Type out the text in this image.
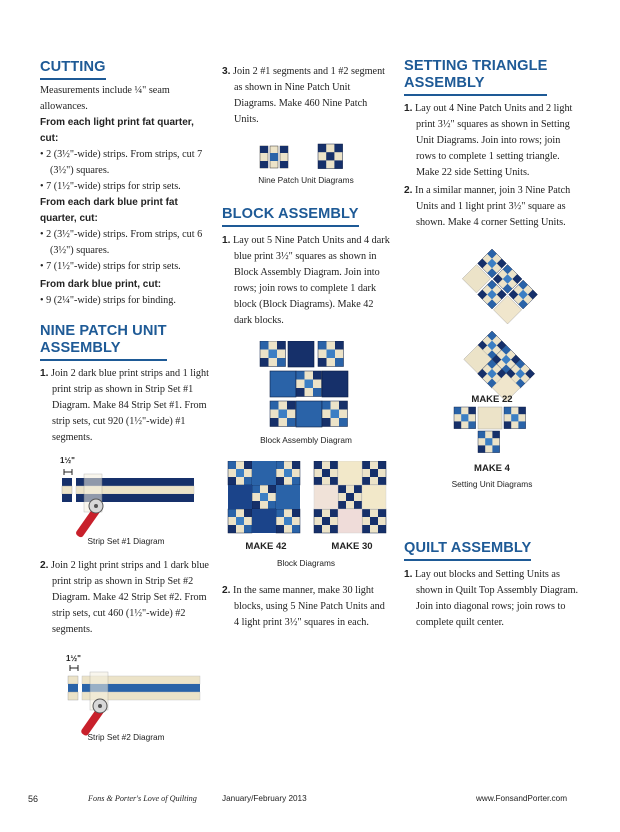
CUTTING

Measurements include ¼" seam allowances.

From each light print fat quarter, cut:

• 2 (3½"-wide) strips. From strips, cut 7 (3½") squares.

• 7 (1½"-wide) strips for strip sets.

From each dark blue print fat quarter, cut:

• 2 (3½"-wide) strips. From strips, cut 6 (3½") squares.

• 7 (1½"-wide) strips for strip sets.

From dark blue print, cut:

• 9 (2¼"-wide) strips for binding.

NINE PATCH UNIT
ASSEMBLY

1. Join 2 dark blue print strips and 1 light print strip as shown in Strip Set #1 Diagram. Make 84 Strip Set #1. From strip sets, cut 920 (1½"-wide) #1 segments.

1½"
Strip Set #1 Diagram

2. Join 2 light print strips and 1 dark blue print strip as shown in Strip Set #2 Diagram. Make 42 Strip Set #2. From strip sets, cut 460 (1½"-wide) #2 segments.

1½"
Strip Set #2 Diagram

3. Join 2 #1 segments and 1 #2 segment as shown in Nine Patch Unit Diagrams. Make 460 Nine Patch Units.

Nine Patch Unit Diagrams
BLOCK ASSEMBLY

1. Lay out 5 Nine Patch Units and 4 dark blue print 3½" squares as shown in Block Assembly Diagram. Join into rows; join rows to complete 1 dark block (Block Diagrams). Make 42 dark blocks.

Block Assembly Diagram
MAKE 42	MAKE 30
Block Diagrams

2. In the same manner, make 30 light blocks, using 5 Nine Patch Units and 4 light print 3½" squares in each.

SETTING TRIANGLE
ASSEMBLY

1. Lay out 4 Nine Patch Units and 2 light print 3½" squares as shown in Setting Unit Diagrams. Join into rows; join rows to complete 1 setting triangle. Make 22 side Setting Units.

2. In a similar manner, join 3 Nine Patch Units and 1 light print 3½" square as shown. Make 4 corner Setting Units.

MAKE 22
MAKE 4
Setting Unit Diagrams
QUILT ASSEMBLY

1. Lay out blocks and Setting Units as shown in Quilt Top Assembly Diagram. Join into diagonal rows; join rows to complete quilt center.

56	Fons & Porter's Love of Quilting	January/February 2013	www.FonsandPorter.com
